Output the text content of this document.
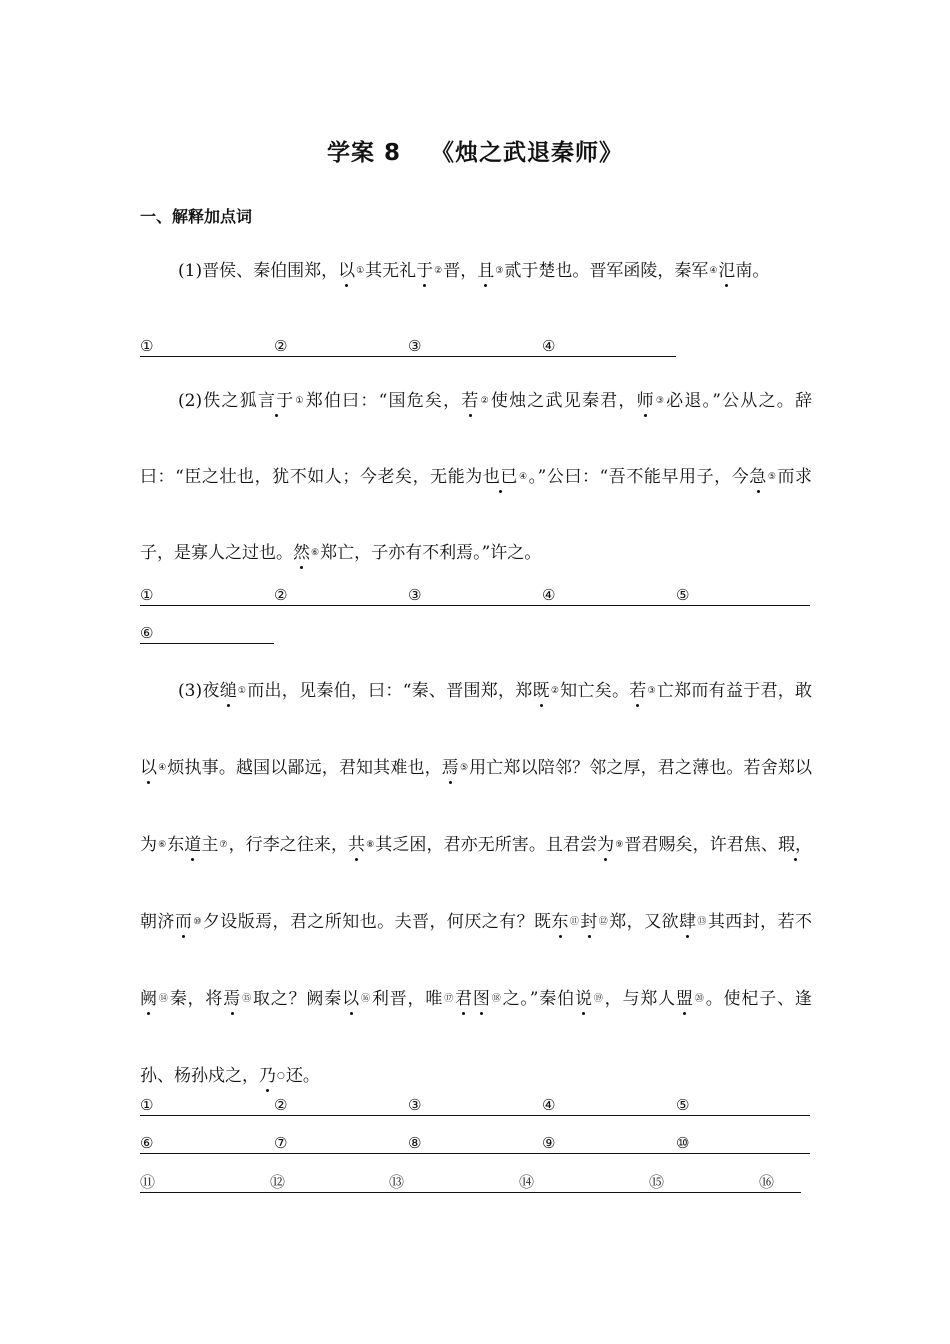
学案 8 《烛之武退秦师》
一、解释加点词

(1)晋侯、秦伯围郑，以①其无礼于②晋，且③贰于楚也。晋军函陵，秦军④氾南。

①	②	③	④

(2)佚之狐言于①郑伯曰：“国危矣，若②使烛之武见秦君，师③必退。”公从之。辞曰：“臣之壮也，犹不如人；今老矣，无能为也已④。”公曰：“吾不能早用子，今急⑤而求子，是寡人之过也。然⑥郑亡，子亦有不利焉。”许之。

①	②	③	④	⑤
⑥

(3)夜缒①而出，见秦伯，曰：“秦、晋围郑，郑既②知亡矣。若③亡郑而有益于君，敢以④烦执事。越国以鄙远，君知其难也，焉⑤用亡郑以陪邻？邻之厚，君之薄也。若舍郑以为⑥东道主⑦，行李之往来，共⑧其乏困，君亦无所害。且君尝为⑨晋君赐矣，许君焦、瑕，朝济而⑩夕设版焉，君之所知也。夫晋，何厌之有？既东⑪封⑫郑，又欲肆⑬其西封，若不阙⑭秦，将焉⑮取之？阙秦以⑯利晋，唯⑰君图⑱之。”秦伯说⑲，与郑人盟⑳。使杞子、逢孙、杨孙戍之，乃○还。

①	②	③	④	⑤
⑥	⑦	⑧	⑨	⑩
⑪	⑫	⑬	⑭	⑮	⑯
